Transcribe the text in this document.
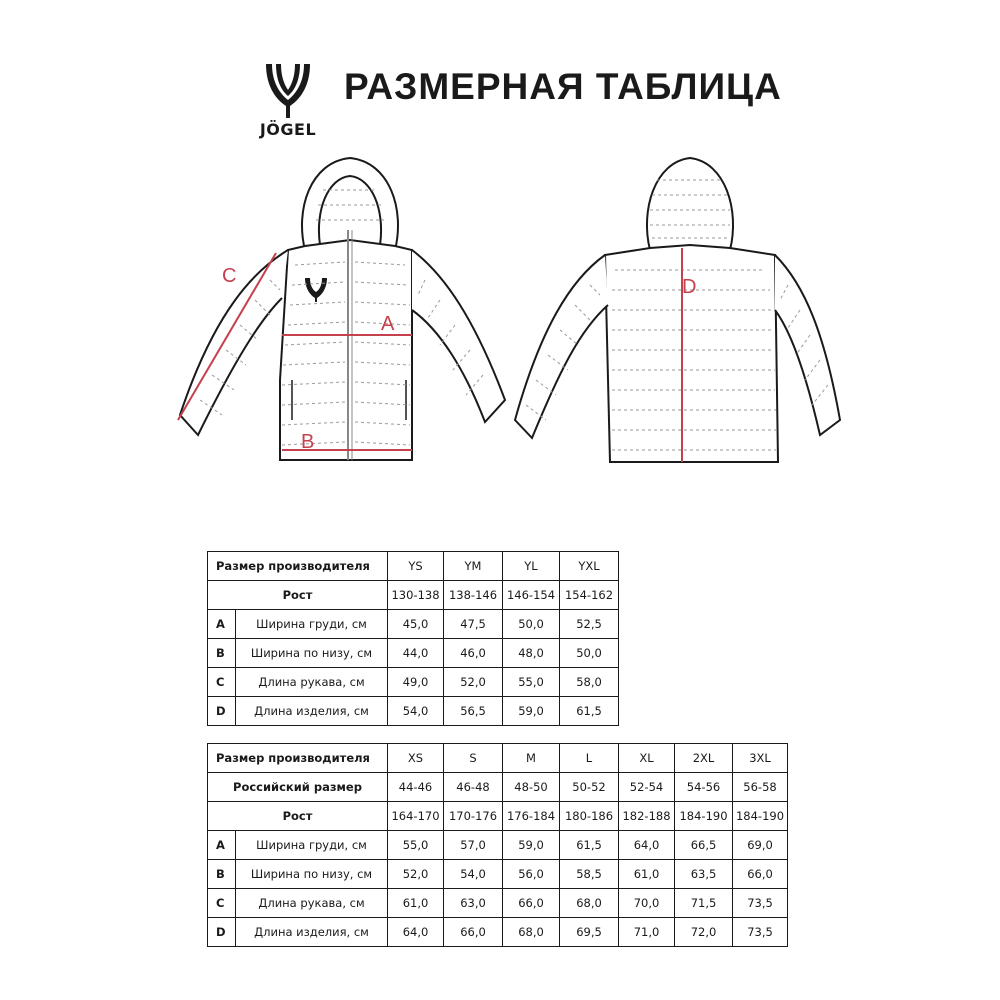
JÖGEL
РАЗМЕРНАЯ ТАБЛИЦА
A
B
C	D
Размер производителя		YS	YM	YL	YXL
Рост		130-138	138-146	146-154	154-162
A	Ширина груди, см	45,0	47,5	50,0	52,5
B	Ширина по низу, см	44,0	46,0	48,0	50,0
C	Длина рукава, см	49,0	52,0	55,0	58,0
D	Длина изделия, см	54,0	56,5	59,0	61,5
Размер производителя		XS	S	M	L	XL	2XL	3XL
Российский размер		44-46	46-48	48-50	50-52	52-54	54-56	56-58
Рост		164-170	170-176	176-184	180-186	182-188	184-190	184-190
A	Ширина груди, см	55,0	57,0	59,0	61,5	64,0	66,5	69,0
B	Ширина по низу, см	52,0	54,0	56,0	58,5	61,0	63,5	66,0
C	Длина рукава, см	61,0	63,0	66,0	68,0	70,0	71,5	73,5
D	Длина изделия, см	64,0	66,0	68,0	69,5	71,0	72,0	73,5
